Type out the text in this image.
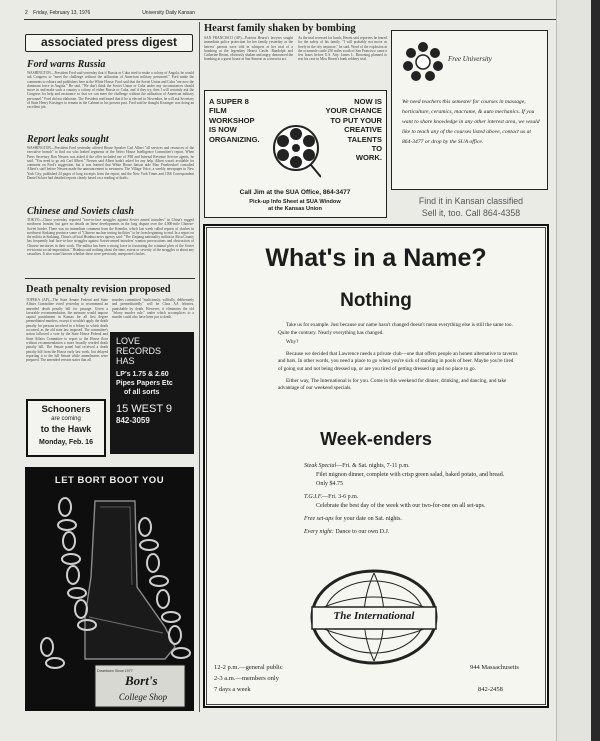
2 Friday, February 13, 1976	University Daily Kansan
associated press digest
Ford warns Russia
WASHINGTON—President Ford said yesterday that if Russia or Cuba tried to make a colony of Angola, he would ask Congress to "meet the challenge without the utilization of American military personnel." Ford made the comments to editors and publishers here at the White House. Ford said that the Soviet Union and Cuba "are now the dominant force in Angola." He said, "We don't think the Soviet Union or Cuba under any circumstances should move in and make such a country a colony of either Russia or Cuba, and if they try, then I will certainly ask the Congress for help and assistance so that we can meet the challenge without the utilization of American military personnel." Ford did not elaborate. The President reaffirmed that if he is elected in November, he will ask Secretary of State Henry Kissinger to remain in the Cabinet in his present post. Ford said he thought Kissinger was doing an excellent job.
Report leaks sought
WASHINGTON—President Ford yesterday offered House Speaker Carl Albert "all services and resources of the executive branch" to find out who leaked segments of the Select House Intelligence Committee's report. When Press Secretary Ron Nessen was asked if the offer included use of FBI and Internal Revenue Service agents, he said, "You need to go ask Carl Albert." Nessen said Albert hadn't asked for any help. Albert wasn't available for comment on Ford's suggestion, but it was learned that White House liaison aide Max Friedersdorf consulted Albert's staff before Nessen made the announcement to newsmen. The Village Voice, a weekly newspaper in New York City, published 24 pages of long excerpts from the report, and the New York Times and CBS Correspondent Daniel Schorr had detailed reports clearly based on a reading of drafts.
Chinese and Soviets clash
TOKYO—China yesterday reported "face-to-face struggles against Soviet armed intruders" in China's rugged northwest frontier, but gave no details on these developments in the long dispute over the 4,000-mile Chinese-Soviet border. There was no immediate comment from the Kremlin, which last week called reports of clashes in northwest Sinkiang province some of "Chinese nuclear testing facilities" to be from beginning to end. In a report on the militia in Sinkiang, China's official Hsinhua news agency said: "The Zinjiang nationality militia in Aksu County has frequently had face-to-face struggles against Soviet-armed intruders' wanton provocations and obstruction of Chinese territories in their work. The militia has been a strong force in frustrating the criminal plots of the Soviet revisionist social-imperialists." Hsinhua said nothing about the time, extent or severity of the struggles or about any casualties. It also wasn't known whether these were previously unreported clashes.
Death penalty revision proposed
TOPEKA (AP)—The State Senate Federal and State Affairs Committee voted yesterday to recommend an amended death penalty bill for passage. Given a favorable recommendation, the measure would impose capital punishment in Kansas for all first degree premeditated murders, except it wouldn't apply the death penalty for persons involved in a felony in which death occurred, as the old state law imposed. The committee's action followed a vote by the State House Federal and State Affairs Committee to report to the House floor without recommendation a more broadly worded death penalty bill. The Senate panel had received a death penalty bill from the House early last week, but delayed reporting it to the full Senate while amendments were prepared. The amended version states that all
murders committed "maliciously, willfully, deliberately and premeditatedly" will be Class AA felonies, punishable by death. However, it eliminates the old "felony murder rule," under which accomplices to a murder could also have been put to death.
LOVE
RECORDS
HAS
LP's 1.75 & 2.60
Pipes Papers Etc
of all sorts
15 WEST 9
842-3059
Schooners
are coming
to the Hawk
Monday, Feb. 16
LET BORT BOOT YOU
Downtown Since 1977
Bort's
College Shop
Hearst family shaken by bombing
SAN FRANCISCO (AP)—Patricia Hearst's lawyers sought immediate police protection for her family yesterday as the heiress' parents were told in whispers at her trial of a bombing at the legendary Hearst Castle. Randolph and Catherine Hearst, obviously shaken and angry, denounced the bombing at a guest house at San Simeon as a terrorist act.
As the trial recessed for lunch, Hearst said reporters he feared for the safety of his family. "I will probably not move as freely in the city anymore," he said. Word of the explosion at the oceanside castle 250 miles south of San Francisco came a few hours before U.S. Atty. James L. Browning planned to rest his case in Miss Hearst's bank robbery trial.
A SUPER 8
FILM
WORKSHOP
IS NOW
ORGANIZING.
NOW IS
YOUR CHANCE
TO PUT YOUR
CREATIVE
TALENTS
TO
WORK.
Call Jim at the SUA Office, 864-3477
Pick-up Info Sheet at SUA Window
at the Kansas Union
Free University
We need teachers this semester for courses in massage, horticulture, ceramics, macrame, & auto mechanics. If you want to share knowledge in any other interest area, we would like to teach any of the courses listed above, contact us at 864-3477 or drop by the SUA office.
Find it in Kansan classified
Sell it, too. Call 864-4358
What's in a Name?
Nothing
Take us for example. Just because our name hasn't changed doesn't mean everything else is still the same too. Quite the contrary. Nearly everything has changed.
Why?
Because we decided that Lawrence needs a private club—one that offers people an honest alternative to taverns and bars. In other words, you need a place to go when you're sick of standing in pools of beer. Maybe you're tired of going out and not being dressed up, or are you tired of getting dressed up and no place to go.
Either way, The International is for you. Come in this weekend for dinner, drinking, and dancing, and take advantage of our weekend specials.
Week-enders
Steak Special—Fri. & Sat. nights, 7-11 p.m.
Filet mignon dinner, complete with crisp green salad, baked potato, and bread. Only $4.75
T.G.I.F.—Fri. 3-6 p.m.
Celebrate the best day of the week with our two-for-one on all set-ups.
Free set-ups for your date on Sat. nights.
Every night: Dance to our own D.J.
The International
12-2 p.m.—general public
2-3 a.m.—members only
7 days a week
944 Massachusetts
842-2458
